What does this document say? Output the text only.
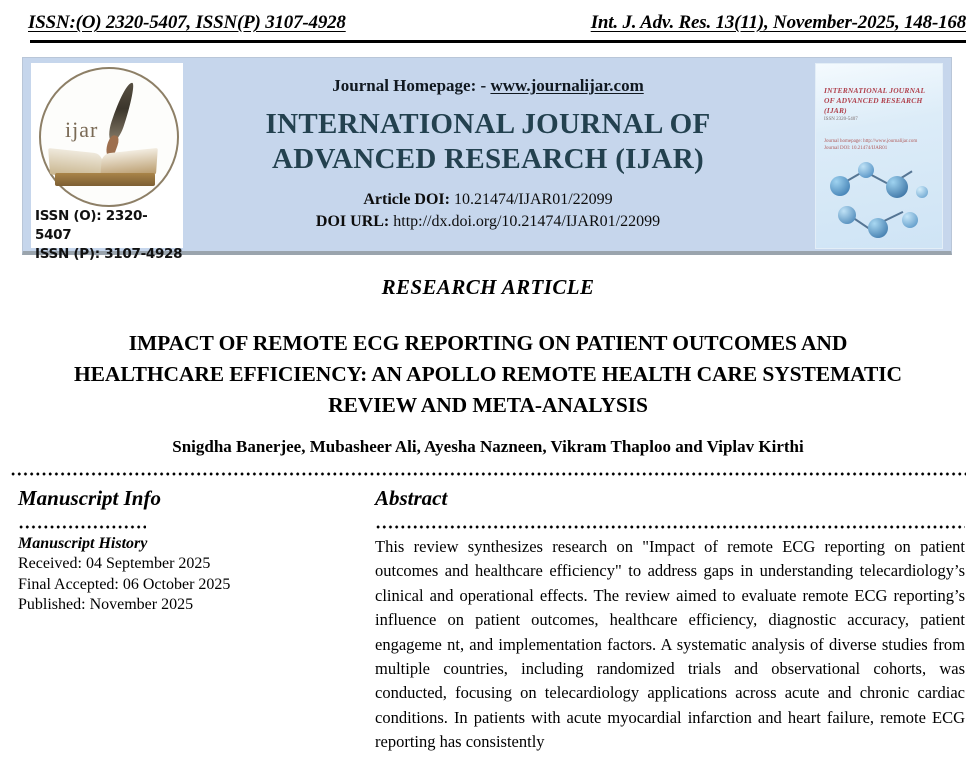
ISSN:(O) 2320-5407, ISSN(P) 3107-4928	Int. J. Adv. Res. 13(11), November-2025, 148-168
ijar
ISSN (O): 2320-5407
ISSN (P): 3107-4928
Journal Homepage: - www.journalijar.com
INTERNATIONAL JOURNAL OF
ADVANCED RESEARCH (IJAR)
Article DOI: 10.21474/IJAR01/22099
DOI URL: http://dx.doi.org/10.21474/IJAR01/22099
INTERNATIONAL JOURNAL OF ADVANCED RESEARCH (IJAR)
ISSN 2320-5407
Journal homepage: http://www.journalijar.com
Journal DOI: 10.21474/IJAR01
RESEARCH ARTICLE
IMPACT OF REMOTE ECG REPORTING ON PATIENT OUTCOMES AND HEALTHCARE EFFICIENCY: AN APOLLO REMOTE HEALTH CARE SYSTEMATIC REVIEW AND META-ANALYSIS
Snigdha Banerjee, Mubasheer Ali, Ayesha Nazneen, Vikram Thaploo and Viplav Kirthi
Manuscript Info
Manuscript History
Received: 04 September 2025
Final Accepted: 06 October 2025
Published: November 2025
Abstract

This review synthesizes research on "Impact of remote ECG reporting on patient outcomes and healthcare efficiency" to address gaps in understanding telecardiology’s clinical and operational effects. The review aimed to evaluate remote ECG reporting’s influence on patient outcomes, healthcare efficiency, diagnostic accuracy, patient engageme nt, and implementation factors. A systematic analysis of diverse studies from multiple countries, including randomized trials and observational cohorts, was conducted, focusing on telecardiology applications across acute and chronic cardiac conditions. In patients with acute myocardial infarction and heart failure, remote ECG reporting has consistently
